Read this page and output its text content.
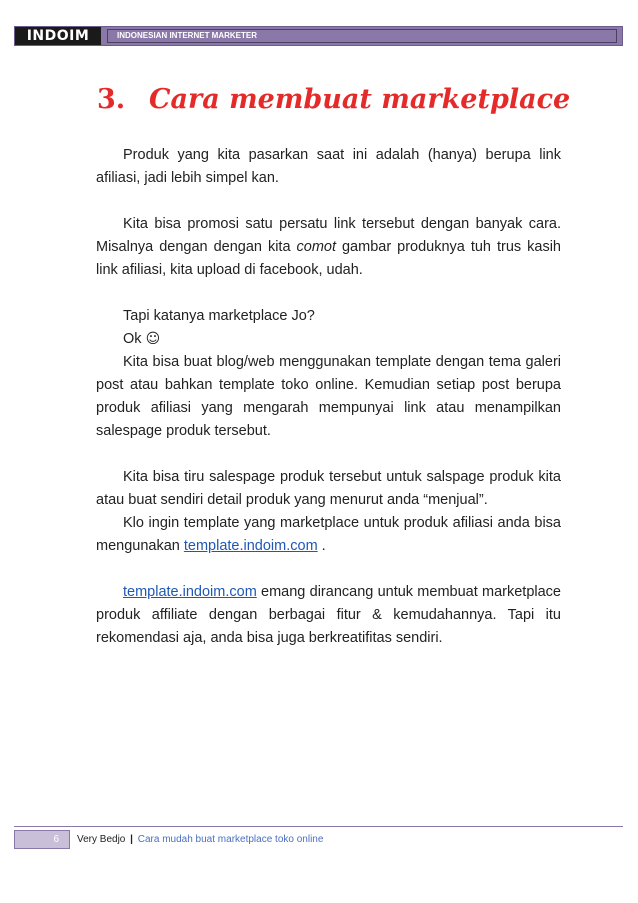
INDOIM	INDONESIAN INTERNET MARKETER
3. Cara membuat marketplace

Produk yang kita pasarkan saat ini adalah (hanya) berupa link afiliasi, jadi lebih simpel kan.

Kita bisa promosi satu persatu link tersebut dengan banyak cara. Misalnya dengan dengan kita comot gambar produknya tuh trus kasih link afiliasi, kita upload di facebook, udah.

Tapi katanya marketplace Jo?

Ok ☺

Kita bisa buat blog/web menggunakan template dengan tema galeri post atau bahkan template toko online. Kemudian setiap post berupa produk afiliasi yang mengarah mempunyai link atau menampilkan salespage produk tersebut.

Kita bisa tiru salespage produk tersebut untuk salspage produk kita atau buat sendiri detail produk yang menurut anda “menjual”.

Klo ingin template yang marketplace untuk produk afiliasi anda bisa mengunakan template.indoim.com .

template.indoim.com emang dirancang untuk membuat marketplace produk affiliate dengan berbagai fitur & kemudahannya. Tapi itu rekomendasi aja, anda bisa juga berkreatifitas sendiri.

6	Very Bedjo | Cara mudah buat marketplace toko online
